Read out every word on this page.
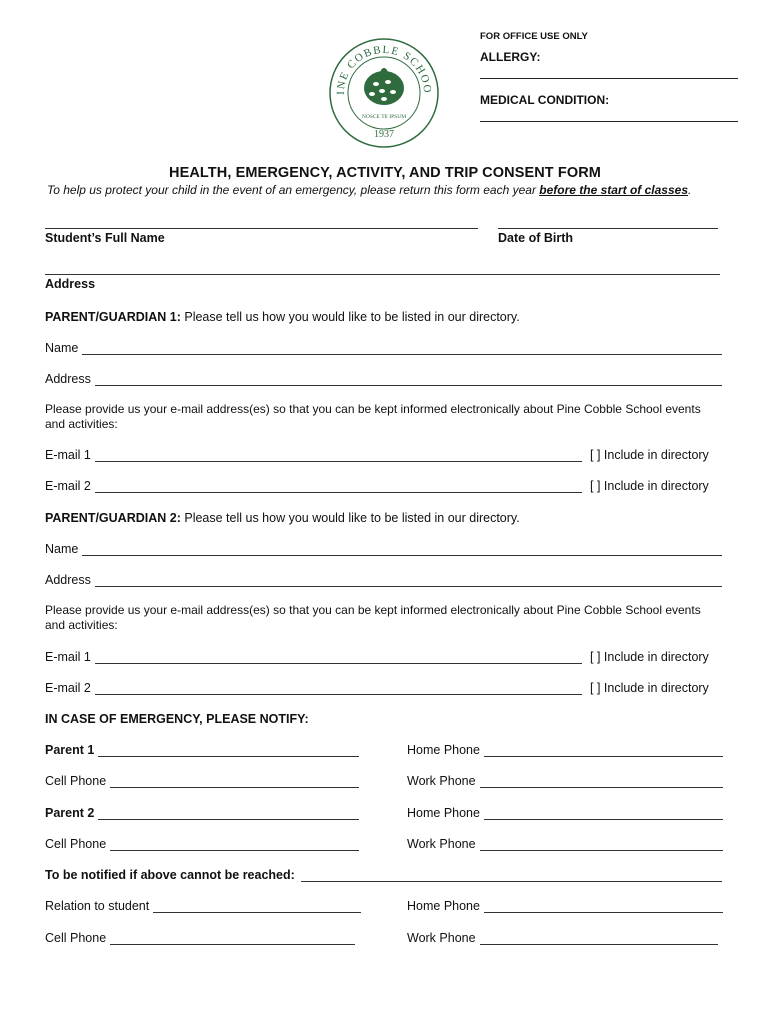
INE COBBLE SCHOO
NOSCE TE IPSUM
1937
FOR OFFICE USE ONLY
ALLERGY:
MEDICAL CONDITION:
HEALTH, EMERGENCY, ACTIVITY, AND TRIP CONSENT FORM
To help us protect your child in the event of an emergency, please return this form each year before the start of classes.
Student’s Full Name	Date of Birth
Address
PARENT/GUARDIAN 1: Please tell us how you would like to be listed in our directory.
Name
Address
Please provide us your e-mail address(es) so that you can be kept informed electronically about Pine Cobble School events and activities:
E-mail 1	[ ] Include in directory
E-mail 2	[ ] Include in directory
PARENT/GUARDIAN 2: Please tell us how you would like to be listed in our directory.
Name
Address
Please provide us your e-mail address(es) so that you can be kept informed electronically about Pine Cobble School events and activities:
E-mail 1	[ ] Include in directory
E-mail 2	[ ] Include in directory
IN CASE OF EMERGENCY, PLEASE NOTIFY:
Parent 1	Home Phone
Cell Phone	Work Phone
Parent 2	Home Phone
Cell Phone	Work Phone
To be notified if above cannot be reached:
Relation to student	Home Phone
Cell Phone	Work Phone
